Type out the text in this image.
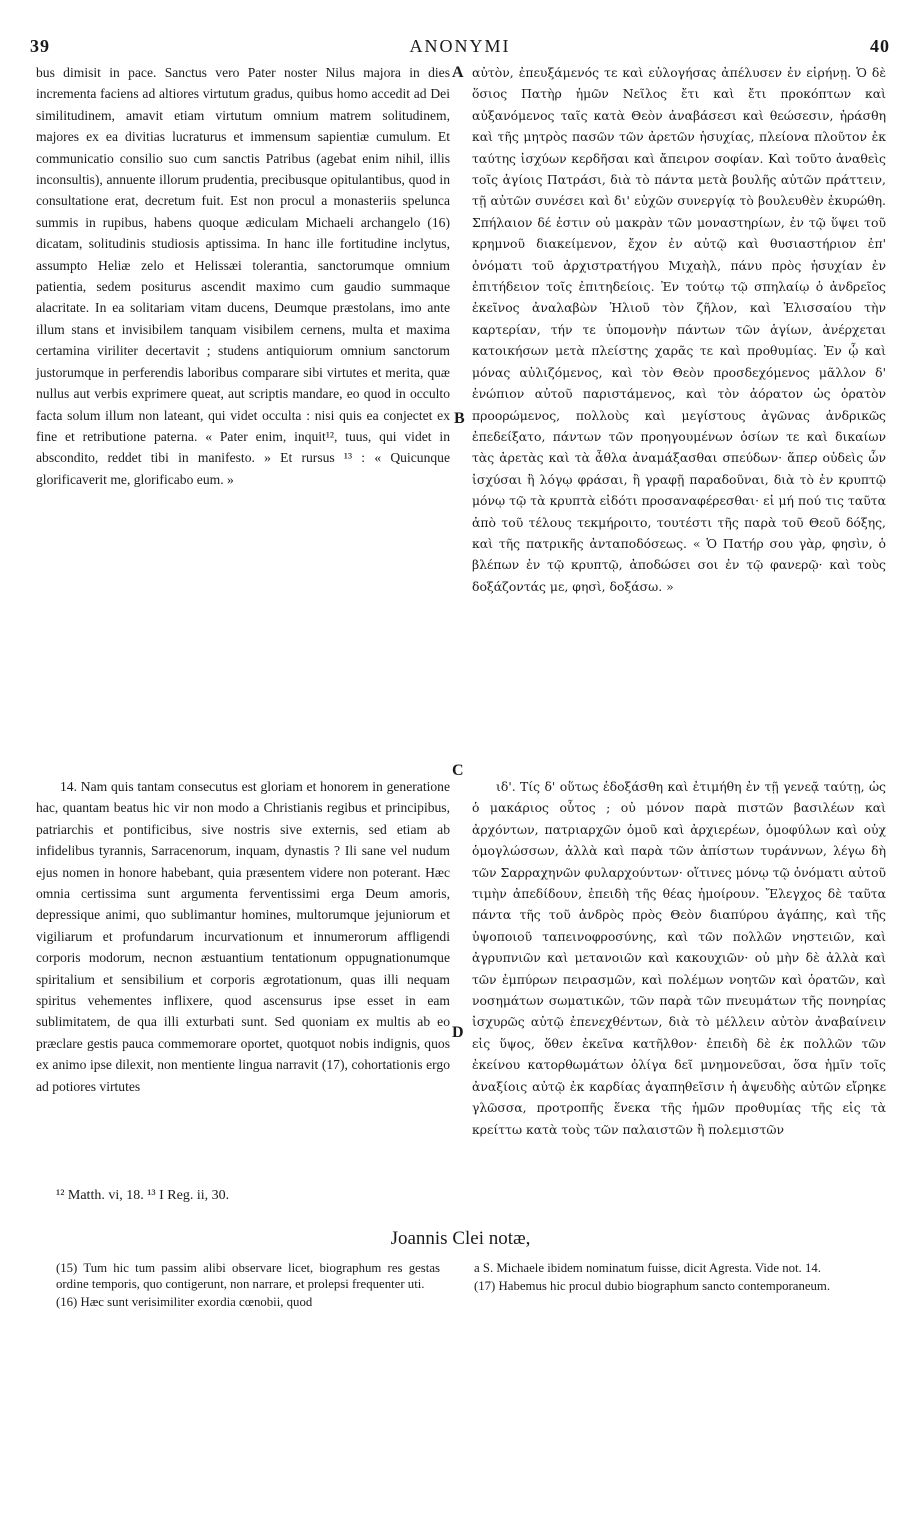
39	ANONYMI	40

bus dimisit in pace. Sanctus vero Pater noster Nilus majora in dies incrementa faciens ad altiores virtutum gradus, quibus homo accedit ad Dei similitudinem, amavit etiam virtutum omnium matrem solitudinem, majores ex ea divitias lucraturus et immensum sapientiæ cumulum. Et communicatio consilio suo cum sanctis Patribus (agebat enim nihil, illis inconsultis), annuente illorum prudentia, precibusque opitulantibus, quod in consultatione erat, decretum fuit. Est non procul a monasteriis spelunca summis in rupibus, habens quoque ædiculam Michaeli archangelo (16) dicatam, solitudinis studiosis aptissima. In hanc ille fortitudine inclytus, assumpto Heliæ zelo et Helissæi tolerantia, sanctorumque omnium patientia, sedem positurus ascendit maximo cum gaudio summaque alacritate. In ea solitariam vitam ducens, Deumque præstolans, imo ante illum stans et invisibilem tanquam visibilem cernens, multa et maxima certamina viriliter decertavit ; studens antiquiorum omnium sanctorum justorumque in perferendis laboribus comparare sibi virtutes et merita, quæ nullus aut verbis exprimere queat, aut scriptis mandare, eo quod in occulto facta solum illum non lateant, qui videt occulta : nisi quis ea conjectet ex fine et retributione paterna. « Pater enim, inquit¹², tuus, qui videt in abscondito, reddet tibi in manifesto. » Et rursus ¹³ : « Quicunque glorificaverit me, glorificabo eum. »

14. Nam quis tantam consecutus est gloriam et honorem in generatione hac, quantam beatus hic vir non modo a Christianis regibus et principibus, patriarchis et pontificibus, sive nostris sive externis, sed etiam ab infidelibus tyrannis, Sarracenorum, inquam, dynastis ? Ili sane vel nudum ejus nomen in honore habebant, quia præsentem videre non poterant. Hæc omnia certissima sunt argumenta ferventissimi erga Deum amoris, depressique animi, quo sublimantur homines, multorumque jejuniorum et vigiliarum et profundarum incurvationum et innumerorum affligendi corporis modorum, necnon æstuantium tentationum oppugnationumque spiritalium et sensibilium et corporis ægrotationum, quas illi nequam spiritus vehementes inflixere, quod ascensurus ipse esset in eam sublimitatem, de qua illi exturbati sunt. Sed quoniam ex multis ab eo præclare gestis pauca commemorare oportet, quotquot nobis indignis, quos ex animo ipse dilexit, non mentiente lingua narravit (17), cohortationis ergo ad potiores virtutes

αὐτὸν, ἐπευξάμενός τε καὶ εὐλογήσας ἀπέλυσεν ἐν εἰρήνῃ. Ὁ δὲ ὅσιος Πατὴρ ἡμῶν Νεῖλος ἔτι καὶ ἔτι προκόπτων καὶ αὐξανόμενος ταῖς κατὰ Θεὸν ἀναβάσεσι καὶ θεώσεσιν, ἠράσθη καὶ τῆς μητρὸς πασῶν τῶν ἀρετῶν ἡσυχίας, πλείονα πλοῦτον ἐκ ταύτης ἰσχύων κερδῆσαι καὶ ἄπειρον σοφίαν. Καὶ τοῦτο ἀναθεὶς τοῖς ἁγίοις Πατράσι, διὰ τὸ πάντα μετὰ βουλῆς αὐτῶν πράττειν, τῇ αὐτῶν συνέσει καὶ δι' εὐχῶν συνεργίᾳ τὸ βουλευθὲν ἐκυρώθη. Σπήλαιον δέ ἐστιν οὐ μακρὰν τῶν μοναστηρίων, ἐν τῷ ὕψει τοῦ κρημνοῦ διακείμενον, ἔχον ἐν αὐτῷ καὶ θυσιαστήριον ἐπ' ὀνόματι τοῦ ἀρχιστρατήγου Μιχαὴλ, πάνυ πρὸς ἡσυχίαν ἐν ἐπιτήδειον τοῖς ἐπιτηδείοις. Ἐν τούτῳ τῷ σπηλαίῳ ὁ ἀνδρεῖος ἐκεῖνος ἀναλαβὼν Ἠλιοῦ τὸν ζῆλον, καὶ Ἐλισσαίου τὴν καρτερίαν, τήν τε ὑπομονὴν πάντων τῶν ἁγίων, ἀνέρχεται κατοικήσων μετὰ πλείστης χαρᾶς τε καὶ προθυμίας. Ἐν ᾧ καὶ μόνας αὐλιζόμενος, καὶ τὸν Θεὸν προσδεχόμενος μᾶλλον δ' ἐνώπιον αὐτοῦ παριστάμενος, καὶ τὸν ἀόρατον ὡς ὁρατὸν προορώμενος, πολλοὺς καὶ μεγίστους ἀγῶνας ἀνδρικῶς ἐπεδείξατο, πάντων τῶν προηγουμένων ὁσίων τε καὶ δικαίων τὰς ἀρετὰς καὶ τὰ ἆθλα ἀναμάξασθαι σπεύδων· ἅπερ οὐδεὶς ὧν ἰσχύσαι ἢ λόγῳ φράσαι, ἢ γραφῇ παραδοῦναι, διὰ τὸ ἐν κρυπτῷ μόνῳ τῷ τὰ κρυπτὰ εἰδότι προσαναφέρεσθαι· εἰ μή πού τις ταῦτα ἀπὸ τοῦ τέλους τεκμήροιτο, τουτέστι τῆς παρὰ τοῦ Θεοῦ δόξης, καὶ τῆς πατρικῆς ἀνταποδόσεως. « Ὁ Πατήρ σου γὰρ, φησὶν, ὁ βλέπων ἐν τῷ κρυπτῷ, ἀποδώσει σοι ἐν τῷ φανερῷ· καὶ τοὺς δοξάζοντάς με, φησὶ, δοξάσω. »

ιδ'. Τίς δ' οὕτως ἐδοξάσθη καὶ ἐτιμήθη ἐν τῇ γενεᾷ ταύτῃ, ὡς ὁ μακάριος οὗτος ; οὐ μόνον παρὰ πιστῶν βασιλέων καὶ ἀρχόντων, πατριαρχῶν ὁμοῦ καὶ ἀρχιερέων, ὁμοφύλων καὶ οὐχ ὁμογλώσσων, ἀλλὰ καὶ παρὰ τῶν ἀπίστων τυράννων, λέγω δὴ τῶν Σαρραχηνῶν φυλαρχούντων· οἵτινες μόνῳ τῷ ὀνόματι αὐτοῦ τιμὴν ἀπεδίδουν, ἐπειδὴ τῆς θέας ἠμοίρουν. Ἔλεγχος δὲ ταῦτα πάντα τῆς τοῦ ἀνδρὸς πρὸς Θεὸν διαπύρου ἀγάπης, καὶ τῆς ὑψοποιοῦ ταπεινοφροσύνης, καὶ τῶν πολλῶν νηστειῶν, καὶ ἀγρυπνιῶν καὶ μετανοιῶν καὶ κακουχιῶν· οὐ μὴν δὲ ἀλλὰ καὶ τῶν ἐμπύρων πειρασμῶν, καὶ πολέμων νοητῶν καὶ ὁρατῶν, καὶ νοσημάτων σωματικῶν, τῶν παρὰ τῶν πνευμάτων τῆς πονηρίας ἰσχυρῶς αὐτῷ ἐπενεχθέντων, διὰ τὸ μέλλειν αὐτὸν ἀναβαίνειν εἰς ὕψος, ὅθεν ἐκεῖνα κατῆλθον· ἐπειδὴ δὲ ἐκ πολλῶν τῶν ἐκείνου κατορθωμάτων ὀλίγα δεῖ μνημονεῦσαι, ὅσα ἡμῖν τοῖς ἀναξίοις αὐτῷ ἐκ καρδίας ἀγαπηθεῖσιν ἡ ἀψευδὴς αὐτῶν εἴρηκε γλῶσσα, προτροπῆς ἕνεκα τῆς ἡμῶν προθυμίας τῆς εἰς τὰ κρείττω κατὰ τοὺς τῶν παλαιστῶν ἢ πολεμιστῶν

A
B
C
D
¹² Matth. vi, 18. ¹³ I Reg. ii, 30.
Joannis Clei notæ,

(15) Tum hic tum passim alibi observare licet, biographum res gestas ordine temporis, quo contigerunt, non narrare, et prolepsi frequenter uti.

(16) Hæc sunt verisimiliter exordia cœnobii, quod

a S. Michaele ibidem nominatum fuisse, dicit Agresta. Vide not. 14.

(17) Habemus hic procul dubio biographum sancto contemporaneum.
